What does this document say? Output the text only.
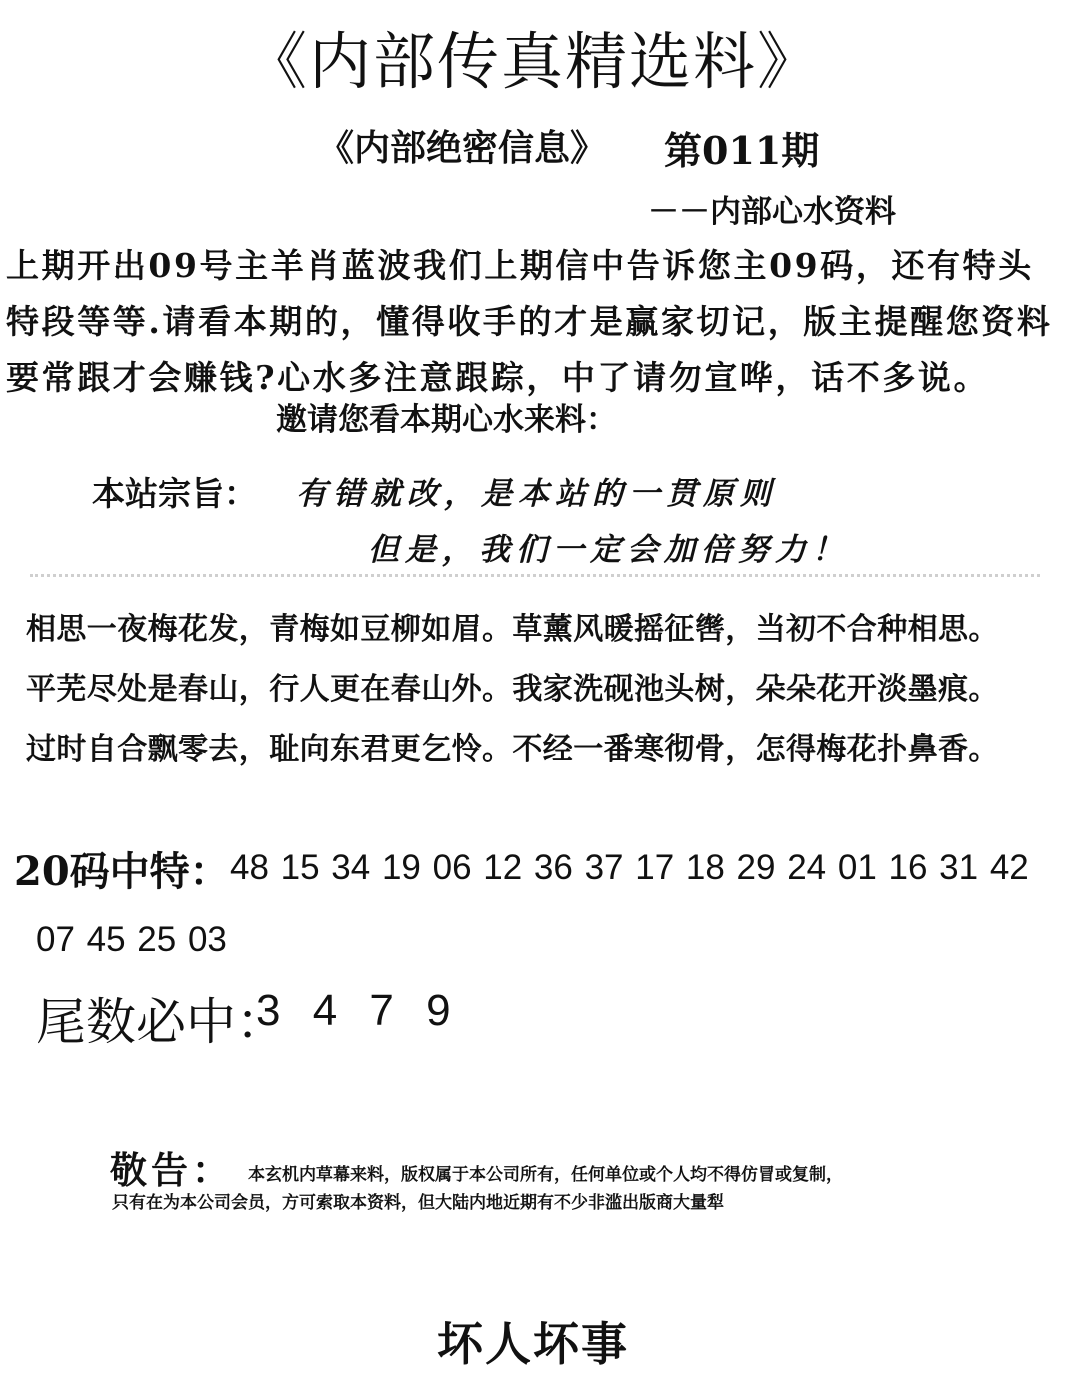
《内部传真精选料》
《内部绝密信息》 第011期
－－内部心水资料
上期开出09号主羊肖蓝波我们上期信中告诉您主09码，还有特头特段等等.请看本期的，懂得收手的才是赢家切记，版主提醒您资料要常跟才会赚钱?心水多注意跟踪，中了请勿宣哗，话不多说。
邀请您看本期心水来料：
本站宗旨： 有错就改，是本站的一贯原则
但是，我们一定会加倍努力！
相思一夜梅花发，青梅如豆柳如眉。草薰风暖摇征辔，当初不合种相思。
平芜尽处是春山，行人更在春山外。我家洗砚池头树，朵朵花开淡墨痕。
过时自合飘零去，耻向东君更乞怜。不经一番寒彻骨，怎得梅花扑鼻香。
20码中特： 48 15 34 19 06 12 36 37 17 18 29 24 01 16 31 42
07 45 25 03
尾数必中：
3 4 7 9
敬告： 本玄机内草幕来料，版权属于本公司所有，任何单位或个人均不得仿冒或复制，
只有在为本公司会员，方可索取本资料，但大陆内地近期有不少非滥出版商大量犁
坏人坏事
